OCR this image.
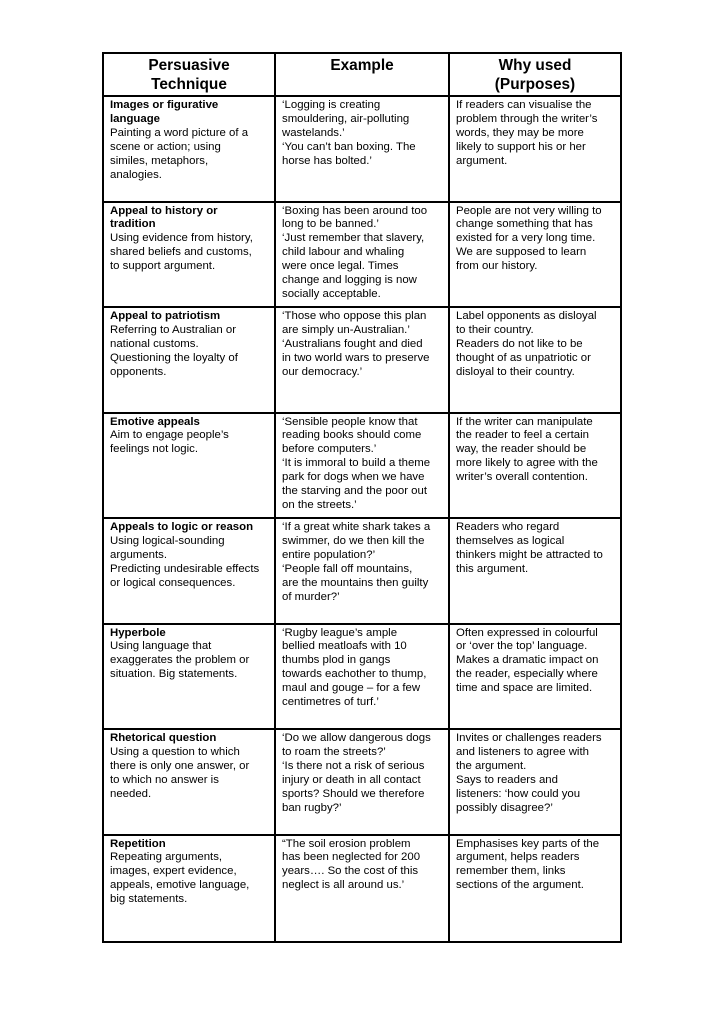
Persuasive
Technique
Example	Why used
(Purposes)
Images or figurative
language
Painting a word picture of a
scene or action; using
similes, metaphors,
analogies.
‘Logging is creating
smouldering, air-polluting
wastelands.’
‘You can’t ban boxing. The
horse has bolted.’
If readers can visualise the
problem through the writer’s
words, they may be more
likely to support his or her
argument.
Appeal to history or
tradition
Using evidence from history,
shared beliefs and customs,
to support argument.
‘Boxing has been around too
long to be banned.’
‘Just remember that slavery,
child labour and whaling
were once legal. Times
change and logging is now
socially acceptable.
People are not very willing to
change something that has
existed for a very long time.
We are supposed to learn
from our history.
Appeal to patriotism
Referring to Australian or
national customs.
Questioning the loyalty of
opponents.
‘Those who oppose this plan
are simply un-Australian.’
‘Australians fought and died
in two world wars to preserve
our democracy.’
Label opponents as disloyal
to their country.
Readers do not like to be
thought of as unpatriotic or
disloyal to their country.
Emotive appeals
Aim to engage people’s
feelings not logic.
‘Sensible people know that
reading books should come
before computers.’
‘It is immoral to build a theme
park for dogs when we have
the starving and the poor out
on the streets.’
If the writer can manipulate
the reader to feel a certain
way, the reader should be
more likely to agree with the
writer’s overall contention.
Appeals to logic or reason
Using logical-sounding
arguments.
Predicting undesirable effects
or logical consequences.
‘If a great white shark takes a
swimmer, do we then kill the
entire population?’
‘People fall off mountains,
are the mountains then guilty
of murder?’
Readers who regard
themselves as logical
thinkers might be attracted to
this argument.
Hyperbole
Using language that
exaggerates the problem or
situation. Big statements.
‘Rugby league’s ample
bellied meatloafs with 10
thumbs plod in gangs
towards eachother to thump,
maul and gouge – for a few
centimetres of turf.’
Often expressed in colourful
or ‘over the top’ language.
Makes a dramatic impact on
the reader, especially where
time and space are limited.
Rhetorical question
Using a question to which
there is only one answer, or
to which no answer is
needed.
‘Do we allow dangerous dogs
to roam the streets?’
‘Is there not a risk of serious
injury or death in all contact
sports? Should we therefore
ban rugby?’
Invites or challenges readers
and listeners to agree with
the argument.
Says to readers and
listeners: ‘how could you
possibly disagree?’
Repetition
Repeating arguments,
images, expert evidence,
appeals, emotive language,
big statements.
“The soil erosion problem
has been neglected for 200
years…. So the cost of this
neglect is all around us.’
Emphasises key parts of the
argument, helps readers
remember them, links
sections of the argument.
